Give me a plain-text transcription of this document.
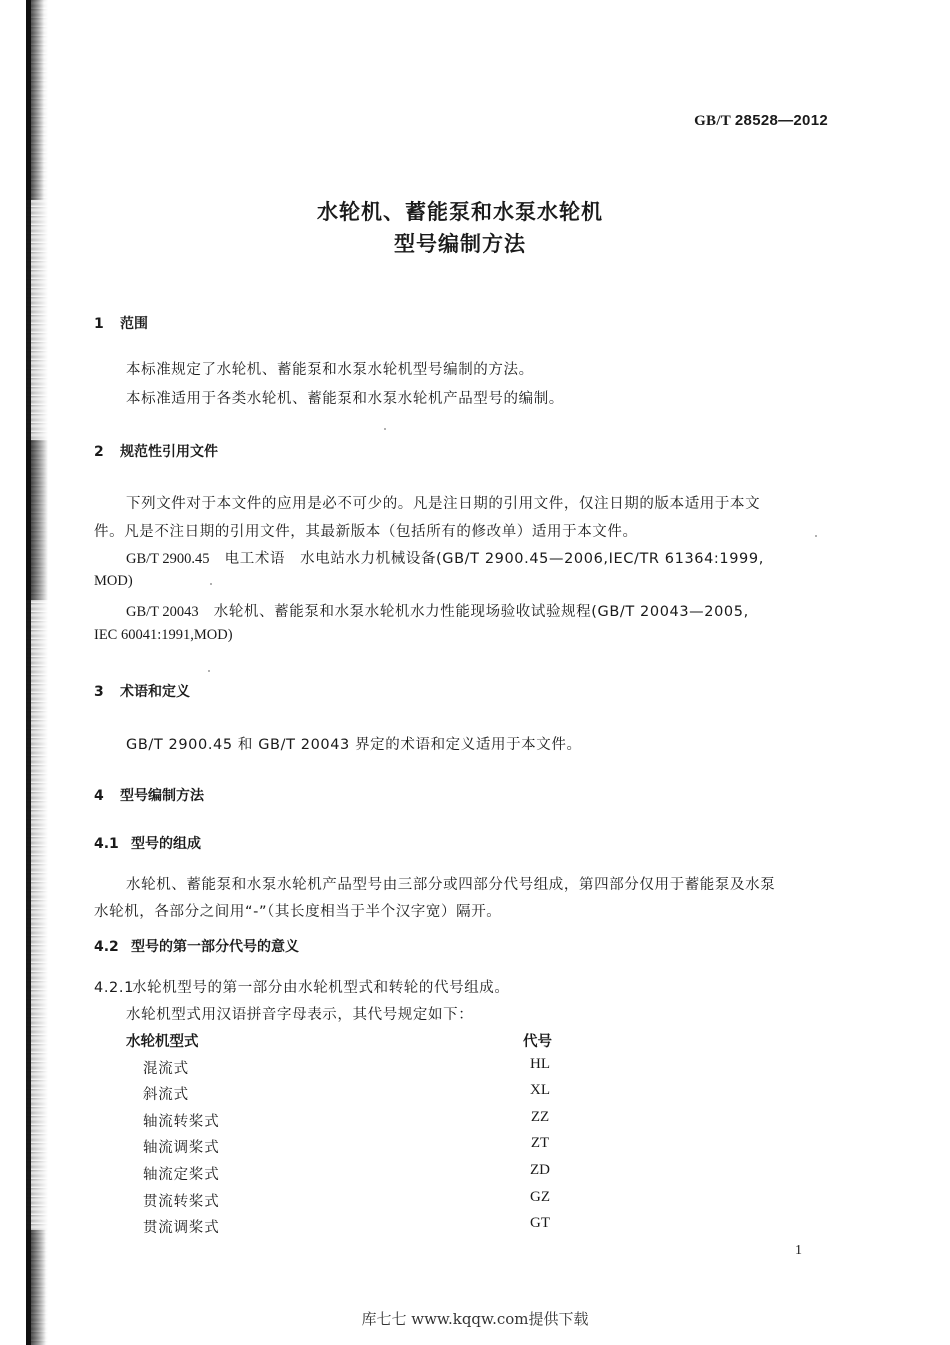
GB/T 28528—2012
水轮机、蓄能泵和水泵水轮机
型号编制方法
1 范围
本标准规定了水轮机、蓄能泵和水泵水轮机型号编制的方法。
本标准适用于各类水轮机、蓄能泵和水泵水轮机产品型号的编制。
2 规范性引用文件
下列文件对于本文件的应用是必不可少的。凡是注日期的引用文件，仅注日期的版本适用于本文
件。凡是不注日期的引用文件，其最新版本（包括所有的修改单）适用于本文件。
GB/T 2900.45　 电工术语　水电站水力机械设备(GB/T 2900.45—2006,IEC/TR 61364:1999,
MOD)
GB/T 20043　 水轮机、蓄能泵和水泵水轮机水力性能现场验收试验规程(GB/T 20043—2005,
IEC 60041:1991,MOD)
3 术语和定义
GB/T 2900.45 和 GB/T 20043 界定的术语和定义适用于本文件。
4 型号编制方法
4.1 型号的组成
水轮机、蓄能泵和水泵水轮机产品型号由三部分或四部分代号组成，第四部分仅用于蓄能泵及水泵
水轮机，各部分之间用“-”（其长度相当于半个汉字宽）隔开。
4.2 型号的第一部分代号的意义
4.2.1水轮机型号的第一部分由水轮机型式和转轮的代号组成。
水轮机型式用汉语拼音字母表示，其代号规定如下：
水轮机型式	代号
混流式	HL
斜流式	XL
轴流转桨式	ZZ
轴流调桨式	ZT
轴流定桨式	ZD
贯流转桨式	GZ
贯流调桨式	GT
1
库七七 www.kqqw.com提供下载
